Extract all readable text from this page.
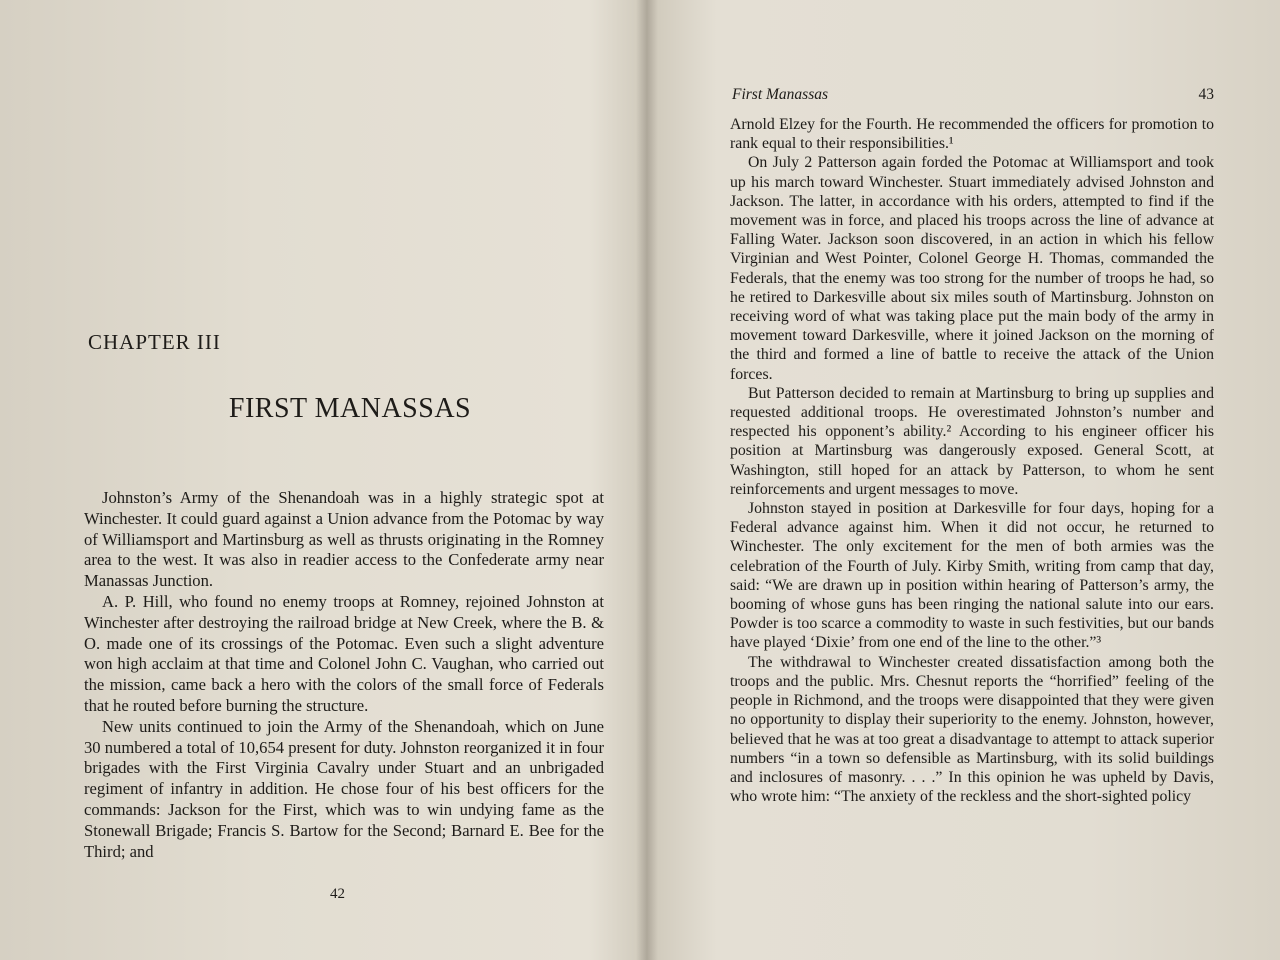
CHAPTER III
FIRST MANASSAS

Johnston’s Army of the Shenandoah was in a highly strategic spot at Winchester. It could guard against a Union advance from the Potomac by way of Williamsport and Martinsburg as well as thrusts originating in the Romney area to the west. It was also in readier access to the Confederate army near Manassas Junction.

A. P. Hill, who found no enemy troops at Romney, rejoined Johnston at Winchester after destroying the railroad bridge at New Creek, where the B. & O. made one of its crossings of the Potomac. Even such a slight adventure won high acclaim at that time and Colonel John C. Vaughan, who carried out the mission, came back a hero with the colors of the small force of Federals that he routed before burning the structure.

New units continued to join the Army of the Shenandoah, which on June 30 numbered a total of 10,654 present for duty. Johnston reorganized it in four brigades with the First Virginia Cavalry under Stuart and an unbrigaded regiment of infantry in addition. He chose four of his best officers for the commands: Jackson for the First, which was to win undying fame as the Stonewall Brigade; Francis S. Bartow for the Second; Barnard E. Bee for the Third; and

42
First Manassas	43

Arnold Elzey for the Fourth. He recommended the officers for promotion to rank equal to their responsibilities.¹

On July 2 Patterson again forded the Potomac at Williamsport and took up his march toward Winchester. Stuart immediately advised Johnston and Jackson. The latter, in accordance with his orders, attempted to find if the movement was in force, and placed his troops across the line of advance at Falling Water. Jackson soon discovered, in an action in which his fellow Virginian and West Pointer, Colonel George H. Thomas, commanded the Federals, that the enemy was too strong for the number of troops he had, so he retired to Darkesville about six miles south of Martinsburg. Johnston on receiving word of what was taking place put the main body of the army in movement toward Darkesville, where it joined Jackson on the morning of the third and formed a line of battle to receive the attack of the Union forces.

But Patterson decided to remain at Martinsburg to bring up supplies and requested additional troops. He overestimated Johnston’s number and respected his opponent’s ability.² According to his engineer officer his position at Martinsburg was dangerously exposed. General Scott, at Washington, still hoped for an attack by Patterson, to whom he sent reinforcements and urgent messages to move.

Johnston stayed in position at Darkesville for four days, hoping for a Federal advance against him. When it did not occur, he returned to Winchester. The only excitement for the men of both armies was the celebration of the Fourth of July. Kirby Smith, writing from camp that day, said: “We are drawn up in position within hearing of Patterson’s army, the booming of whose guns has been ringing the national salute into our ears. Powder is too scarce a commodity to waste in such festivities, but our bands have played ‘Dixie’ from one end of the line to the other.”³

The withdrawal to Winchester created dissatisfaction among both the troops and the public. Mrs. Chesnut reports the “horrified” feeling of the people in Richmond, and the troops were disappointed that they were given no opportunity to display their superiority to the enemy. Johnston, however, believed that he was at too great a disadvantage to attempt to attack superior numbers “in a town so defensible as Martinsburg, with its solid buildings and inclosures of masonry. . . .” In this opinion he was upheld by Davis, who wrote him: “The anxiety of the reckless and the short-sighted policy
